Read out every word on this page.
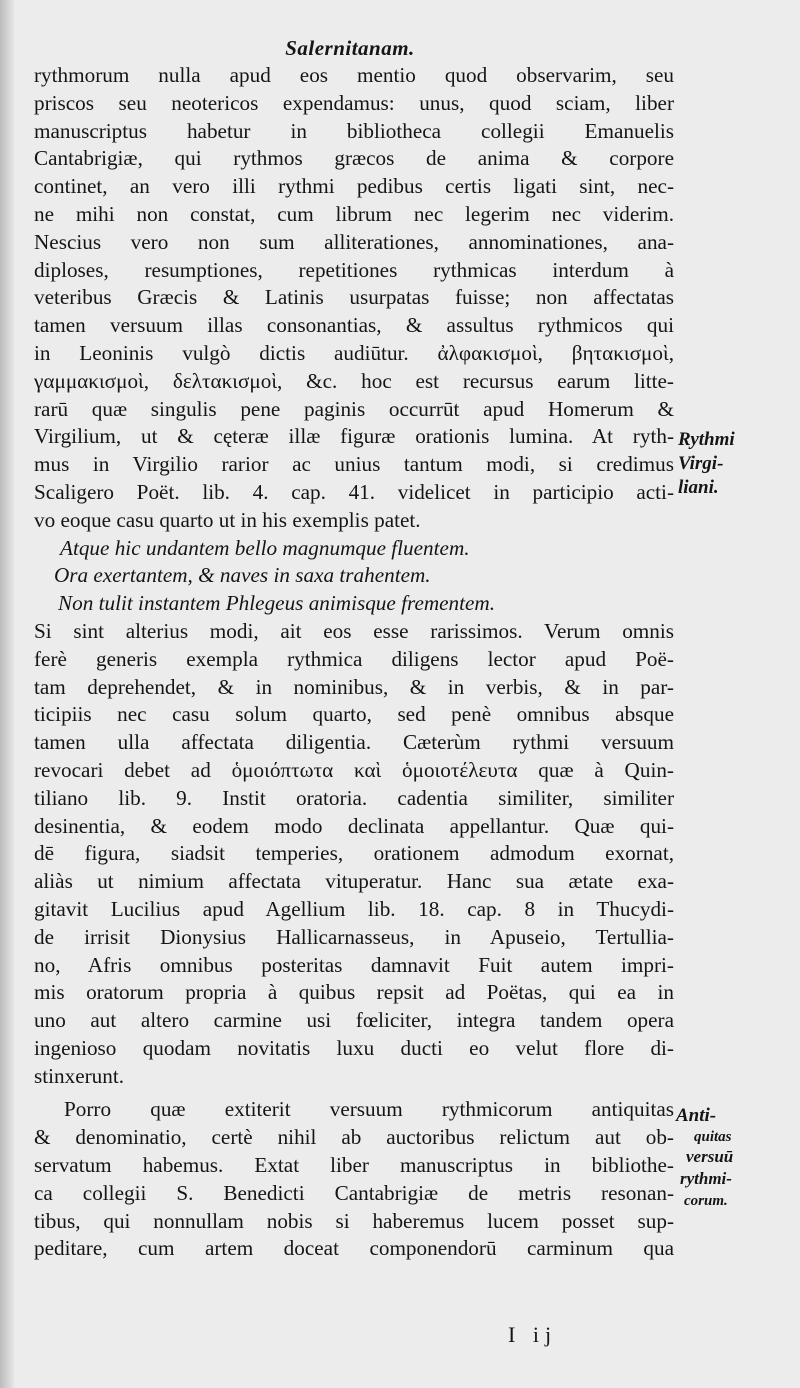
Salernitanam.
rythmorum nulla apud eos mentio quod observarim, seu
priscos seu neotericos expendamus: unus, quod sciam, liber
manuscriptus habetur in bibliotheca collegii Emanuelis
Cantabrigiæ, qui rythmos græcos de anima & corpore
continet, an vero illi rythmi pedibus certis ligati sint, nec-
ne mihi non constat, cum librum nec legerim nec viderim.
Nescius vero non sum alliterationes, annominationes, ana-
diploses, resumptiones, repetitiones rythmicas interdum à
veteribus Græcis & Latinis usurpatas fuisse; non affectatas
tamen versuum illas consonantias, & assultus rythmicos qui
in Leoninis vulgò dictis audiūtur. ἀλφακισμοὶ, βητακισμοὶ,
γαμμακισμοὶ, δελτακισμοὶ, &c. hoc est recursus earum litte-
rarū quæ singulis pene paginis occurrūt apud Homerum &
Virgilium, ut & cęteræ illæ figuræ orationis lumina. At ryth-
mus in Virgilio rarior ac unius tantum modi, si credimus
Scaligero Poët. lib. 4. cap. 41. videlicet in participio acti-
vo eoque casu quarto ut in his exemplis patet.
Atque hic undantem bello magnumque fluentem.
Ora exertantem, & naves in saxa trahentem.
Non tulit instantem Phlegeus animisque frementem.
Si sint alterius modi, ait eos esse rarissimos. Verum omnis
ferè generis exempla rythmica diligens lector apud Poë-
tam deprehendet, & in nominibus, & in verbis, & in par-
ticipiis nec casu solum quarto, sed penè omnibus absque
tamen ulla affectata diligentia. Cæterùm rythmi versuum
revocari debet ad ὁμοιόπτωτα καὶ ὁμοιοτέλευτα quæ à Quin-
tiliano lib. 9. Instit oratoria. cadentia similiter, similiter
desinentia, & eodem modo declinata appellantur. Quæ qui-
dē figura, siadsit temperies, orationem admodum exornat,
aliàs ut nimium affectata vituperatur. Hanc sua ætate exa-
gitavit Lucilius apud Agellium lib. 18. cap. 8 in Thucydi-
de irrisit Dionysius Hallicarnasseus, in Apuseio, Tertullia-
no, Afris omnibus posteritas damnavit Fuit autem impri-
mis oratorum propria à quibus repsit ad Poëtas, qui ea in
uno aut altero carmine usi fœliciter, integra tandem opera
ingenioso quodam novitatis luxu ducti eo velut flore di-
stinxerunt.
Porro quæ extiterit versuum rythmicorum antiquitas
& denominatio, certè nihil ab auctoribus relictum aut ob-
servatum habemus. Extat liber manuscriptus in bibliothe-
ca collegii S. Benedicti Cantabrigiæ de metris resonan-
tibus, qui nonnullam nobis si haberemus lucem posset sup-
peditare, cum artem doceat componendorū carminum qua
Rythmi
Virgi-
liani.
Anti-
quitas
versuū
rythmi-
corum.
I ij
